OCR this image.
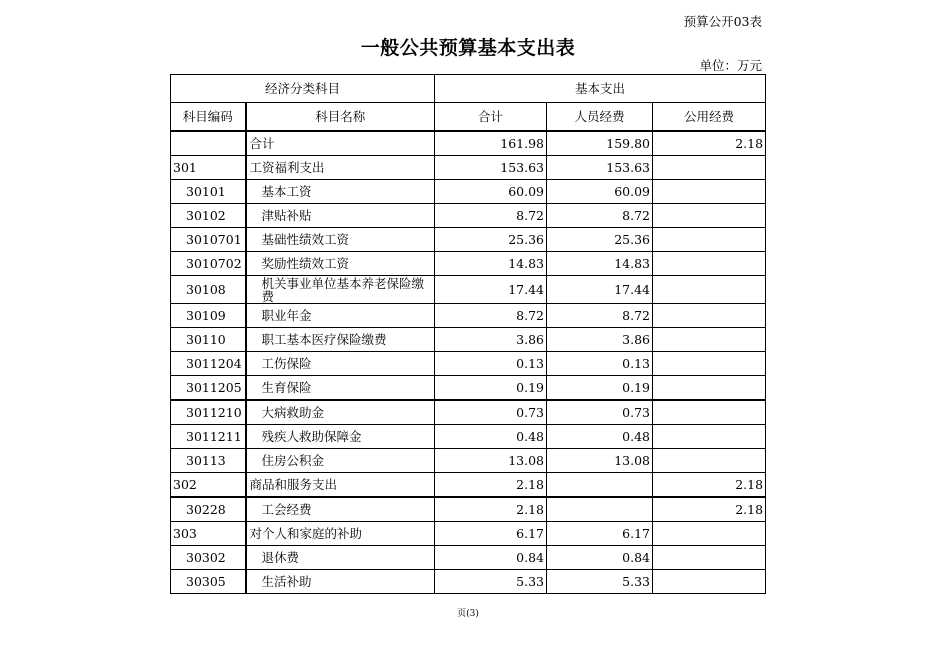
预算公开03表
一般公共预算基本支出表
单位：万元
经济分类科目		基本支出		
科目编码	科目名称	合计	人员经费	公用经费
	合计	161.98	159.80	2.18
301	工资福利支出	153.63	153.63	
30101	基本工资	60.09	60.09	
30102	津贴补贴	8.72	8.72	
3010701	基础性绩效工资	25.36	25.36	
3010702	奖励性绩效工资	14.83	14.83	
30108	机关事业单位基本养老保险缴费	17.44	17.44	
30109	职业年金	8.72	8.72	
30110	职工基本医疗保险缴费	3.86	3.86	
3011204	工伤保险	0.13	0.13	
3011205	生育保险	0.19	0.19	
3011210	大病救助金	0.73	0.73	
3011211	残疾人救助保障金	0.48	0.48	
30113	住房公积金	13.08	13.08	
302	商品和服务支出	2.18		2.18
30228	工会经费	2.18		2.18
303	对个人和家庭的补助	6.17	6.17	
30302	退休费	0.84	0.84	
30305	生活补助	5.33	5.33	
页(3)
